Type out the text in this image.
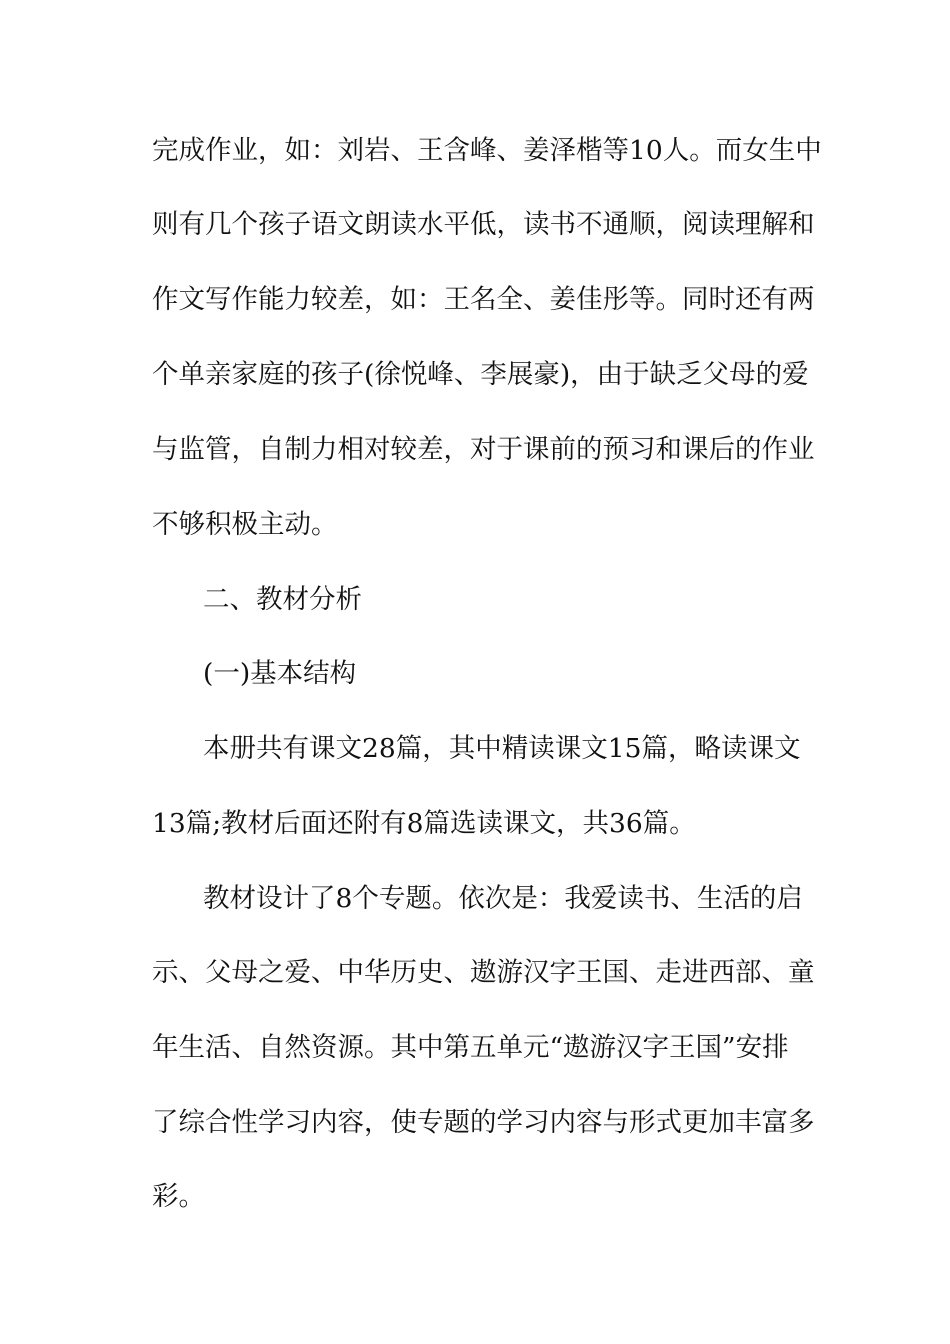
完成作业，如：刘岩、王含峰、姜泽楷等10人。而女生中
则有几个孩子语文朗读水平低，读书不通顺，阅读理解和
作文写作能力较差，如：王名全、姜佳彤等。同时还有两
个单亲家庭的孩子(徐悦峰、李展豪)，由于缺乏父母的爱
与监管，自制力相对较差，对于课前的预习和课后的作业
不够积极主动。
二、教材分析
(一)基本结构
本册共有课文28篇，其中精读课文15篇，略读课文
13篇;教材后面还附有8篇选读课文，共36篇。
教材设计了8个专题。依次是：我爱读书、生活的启
示、父母之爱、中华历史、遨游汉字王国、走进西部、童
年生活、自然资源。其中第五单元“遨游汉字王国”安排
了综合性学习内容，使专题的学习内容与形式更加丰富多
彩。
